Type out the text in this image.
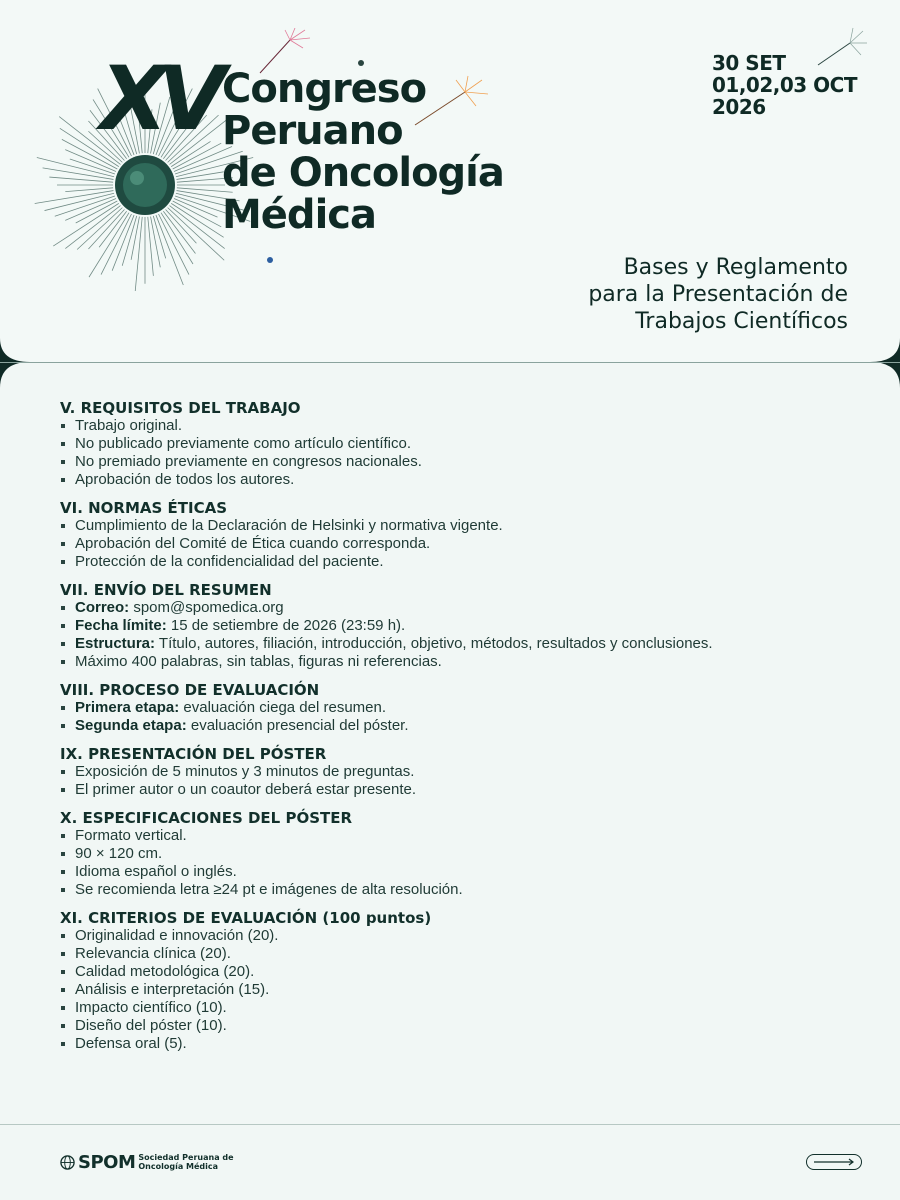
XV Congreso
Peruano
de Oncología
Médica
30 SET
01,02,03 OCT
2026
Bases y Reglamento
para la Presentación de
Trabajos Científicos
V. REQUISITOS DEL TRABAJO
Trabajo original.
No publicado previamente como artículo científico.
No premiado previamente en congresos nacionales.
Aprobación de todos los autores.
VI. NORMAS ÉTICAS
Cumplimiento de la Declaración de Helsinki y normativa vigente.
Aprobación del Comité de Ética cuando corresponda.
Protección de la confidencialidad del paciente.
VII. ENVÍO DEL RESUMEN
Correo: spom@spomedica.org
Fecha límite: 15 de setiembre de 2026 (23:59 h).
Estructura: Título, autores, filiación, introducción, objetivo, métodos, resultados y conclusiones.
Máximo 400 palabras, sin tablas, figuras ni referencias.
VIII. PROCESO DE EVALUACIÓN
Primera etapa: evaluación ciega del resumen.
Segunda etapa: evaluación presencial del póster.
IX. PRESENTACIÓN DEL PÓSTER
Exposición de 5 minutos y 3 minutos de preguntas.
El primer autor o un coautor deberá estar presente.
X. ESPECIFICACIONES DEL PÓSTER
Formato vertical.
90 × 120 cm.
Idioma español o inglés.
Se recomienda letra ≥24 pt e imágenes de alta resolución.
XI. CRITERIOS DE EVALUACIÓN (100 puntos)
Originalidad e innovación (20).
Relevancia clínica (20).
Calidad metodológica (20).
Análisis e interpretación (15).
Impacto científico (10).
Diseño del póster (10).
Defensa oral (5).
SPOM Sociedad Peruana de
Oncología Médica
